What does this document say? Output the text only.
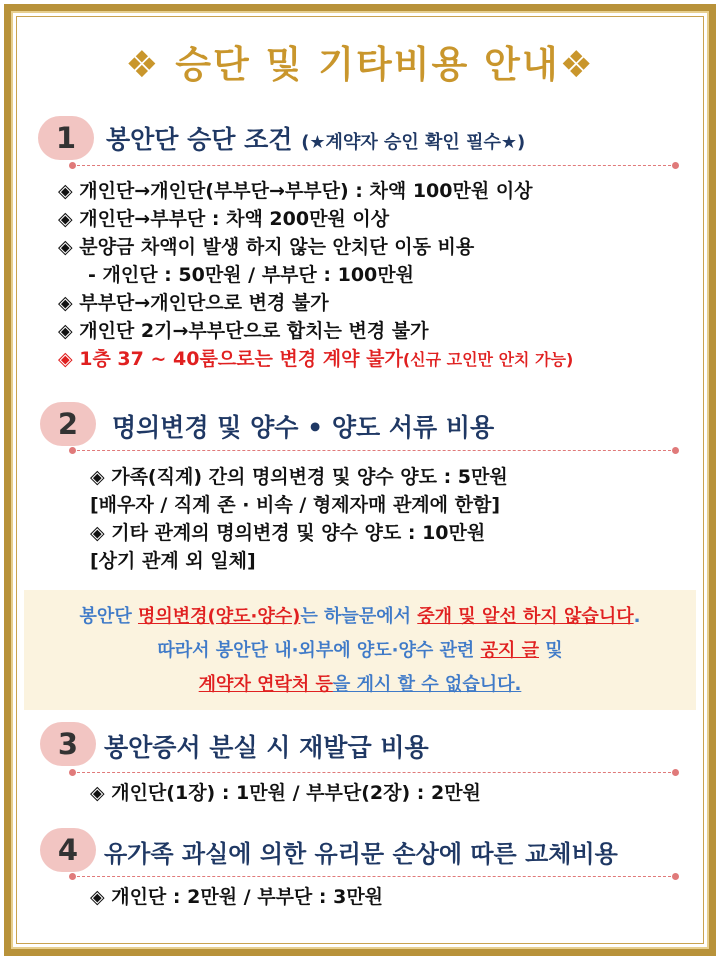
❖ 승단 및 기타비용 안내❖
1	봉안단 승단 조건 (★계약자 승인 확인 필수★)
◈ 개인단→개인단(부부단→부부단) : 차액 100만원 이상
◈ 개인단→부부단 : 차액 200만원 이상
◈ 분양금 차액이 발생 하지 않는 안치단 이동 비용
- 개인단 : 50만원 / 부부단 : 100만원
◈ 부부단→개인단으로 변경 불가
◈ 개인단 2기→부부단으로 합치는 변경 불가
◈ 1층 37 ~ 40룸으로는 변경 계약 불가(신규 고인만 안치 가능)
2	명의변경 및 양수 • 양도 서류 비용
◈ 가족(직계) 간의 명의변경 및 양수 양도 : 5만원
[배우자 / 직계 존 · 비속 / 형제자매 관계에 한함]
◈ 기타 관계의 명의변경 및 양수 양도 : 10만원
[상기 관계 외 일체]
봉안단 명의변경(양도·양수)는 하늘문에서 중개 및 알선 하지 않습니다.
따라서 봉안단 내·외부에 양도·양수 관련 공지 글 및
계약자 연락처 등을 게시 할 수 없습니다.
3	봉안증서 분실 시 재발급 비용
◈ 개인단(1장) : 1만원 / 부부단(2장) : 2만원
4	유가족 과실에 의한 유리문 손상에 따른 교체비용
◈ 개인단 : 2만원 / 부부단 : 3만원
